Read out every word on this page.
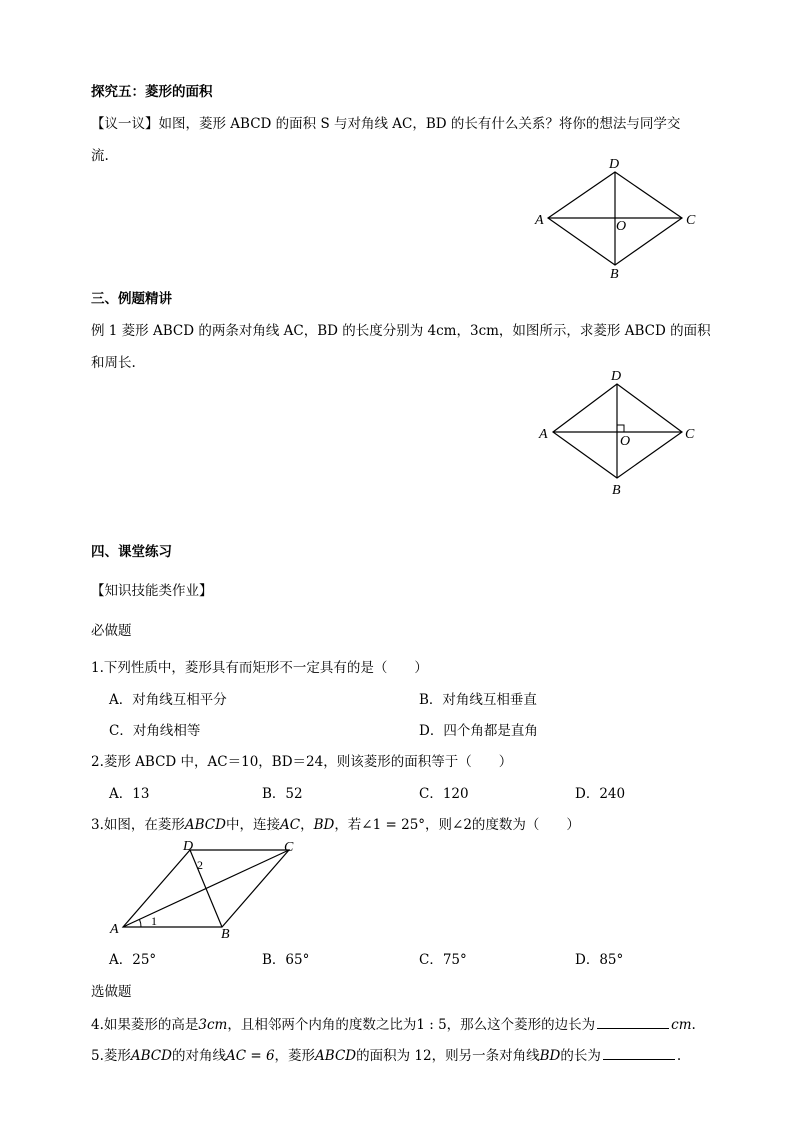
探究五：菱形的面积
【议一议】如图，菱形 ABCD 的面积 S 与对角线 AC，BD 的长有什么关系？将你的想法与同学交
流.
D
A	O	C
B
三、例题精讲
例 1 菱形 ABCD 的两条对角线 AC，BD 的长度分别为 4cm，3cm，如图所示，求菱形 ABCD 的面积
和周长.
D
A	O	C
B
四、课堂练习
【知识技能类作业】
必做题
1.下列性质中，菱形具有而矩形不一定具有的是（　　）
A．对角线互相平分	B．对角线互相垂直
C．对角线相等	D．四个角都是直角
2.菱形 ABCD 中，AC＝10，BD＝24，则该菱形的面积等于（　　）
A．13	B．52	C．120	D．240
3.如图，在菱形ABCD中，连接AC，BD，若∠1 = 25°，则∠2的度数为（　　）
D	C
A	B
1
2
A．25°	B．65°	C．75°	D．85°
选做题
4.如果菱形的高是3cm，且相邻两个内角的度数之比为1 : 5，那么这个菱形的边长为	cm.
5.菱形ABCD的对角线AC = 6，菱形ABCD的面积为 12，则另一条对角线BD的长为	.
